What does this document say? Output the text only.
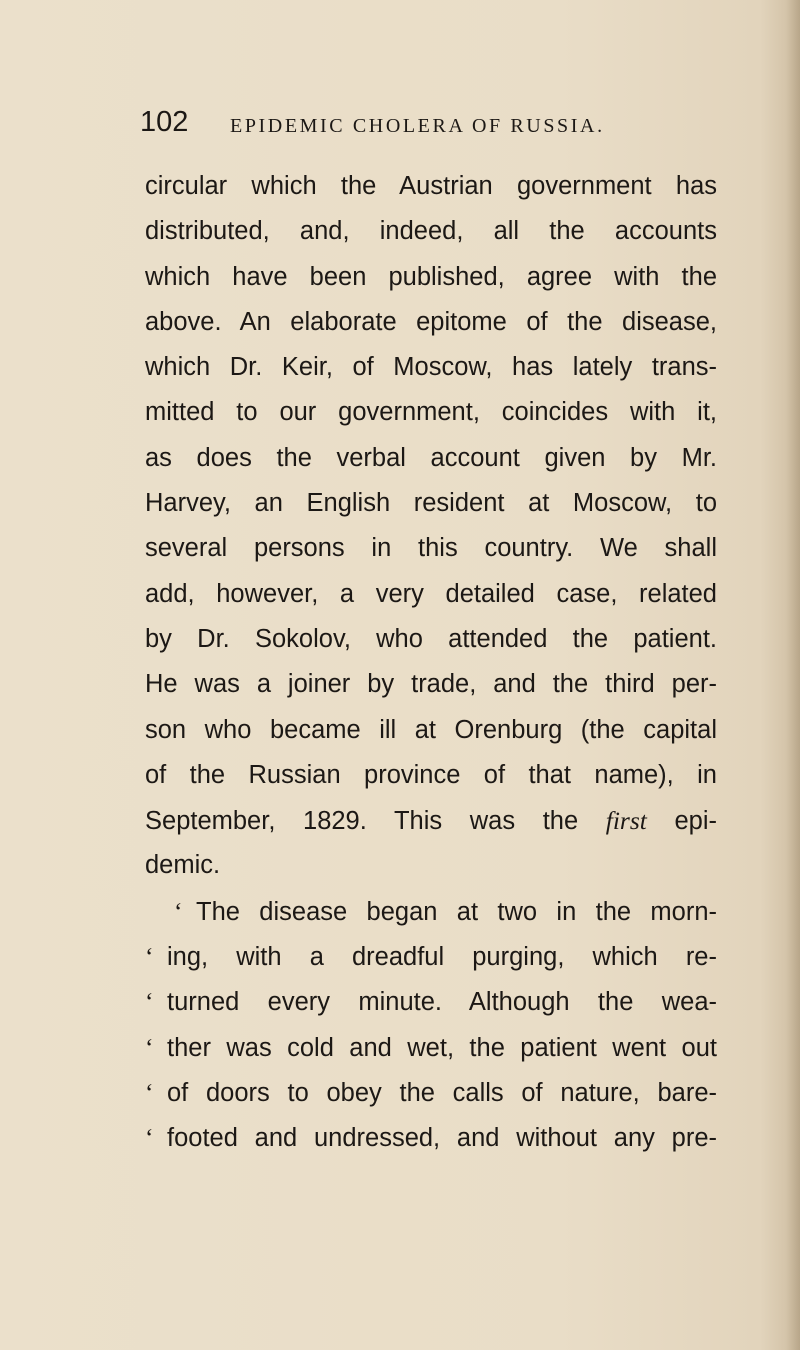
102 EPIDEMIC CHOLERA OF RUSSIA.
circular which the Austrian government has
distributed, and, indeed, all the accounts
which have been published, agree with the
above. An elaborate epitome of the disease,
which Dr. Keir, of Moscow, has lately trans-
mitted to our government, coincides with it,
as does the verbal account given by Mr.
Harvey, an English resident at Moscow, to
several persons in this country. We shall
add, however, a very detailed case, related
by Dr. Sokolov, who attended the patient.
He was a joiner by trade, and the third per-
son who became ill at Orenburg (the capital
of the Russian province of that name), in
September, 1829. This was the first epi-
demic.
‘ The disease began at two in the morn-
‘ ing, with a dreadful purging, which re-
‘ turned every minute. Although the wea-
‘ ther was cold and wet, the patient went out
‘ of doors to obey the calls of nature, bare-
‘ footed and undressed, and without any pre-
